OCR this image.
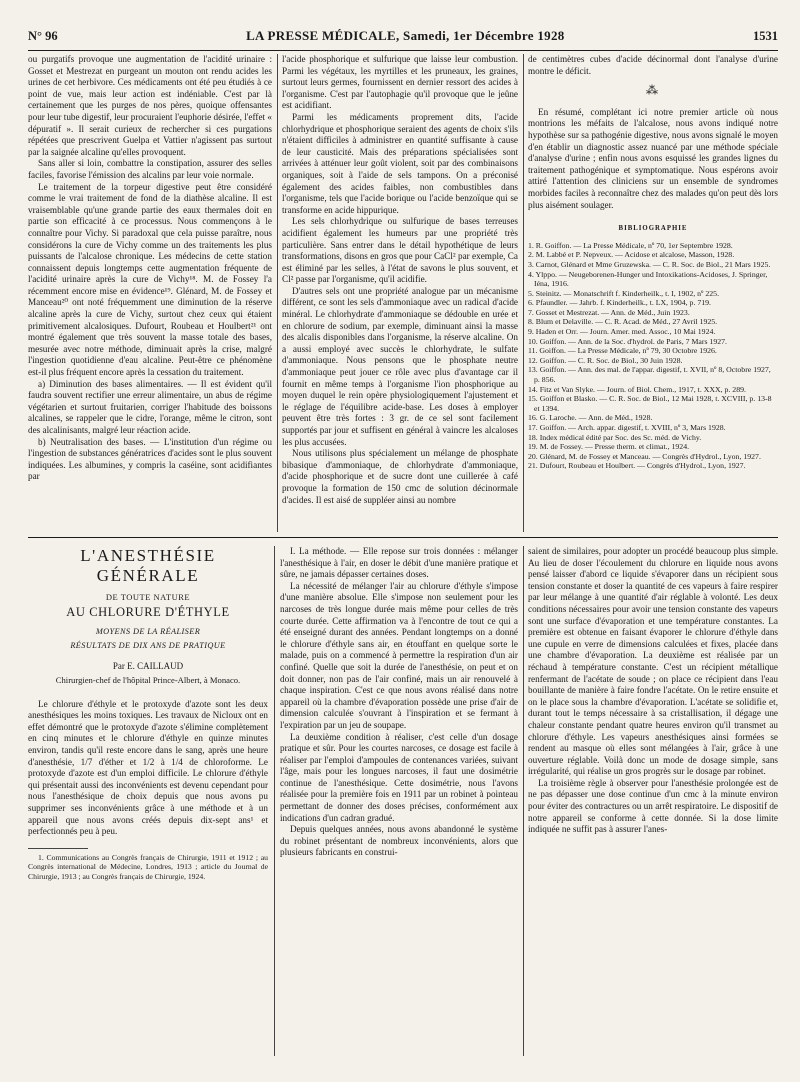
N° 96	LA PRESSE MÉDICALE, Samedi, 1er Décembre 1928	1531

ou purgatifs provoque une augmentation de l'acidité urinaire : Gosset et Mestrezat en purgeant un mouton ont rendu acides les urines de cet herbivore. Ces médicaments ont été peu étudiés à ce point de vue, mais leur action est indéniable. C'est par là certainement que les purges de nos pères, quoique offensantes pour leur tube digestif, leur procuraient l'euphorie désirée, l'effet « dépuratif ». Il serait curieux de rechercher si ces purgations répétées que prescrivent Guelpa et Vattier n'agissent pas surtout par la saignée alcaline qu'elles provoquent.

Sans aller si loin, combattre la constipation, assurer des selles faciles, favorise l'émission des alcalins par leur voie normale.

Le traitement de la torpeur digestive peut être considéré comme le vrai traitement de fond de la diathèse alcaline. Il est vraisemblable qu'une grande partie des eaux thermales doit en partie son efficacité à ce processus. Nous commençons à le connaître pour Vichy. Si paradoxal que cela puisse paraître, nous considérons la cure de Vichy comme un des traitements les plus puissants de l'alcalose chronique. Les médecins de cette station connaissent depuis longtemps cette augmentation fréquente de l'acidité urinaire après la cure de Vichy¹⁸. M. de Fossey l'a récemment encore mise en évidence¹⁹. Glénard, M. de Fossey et Manceau²⁰ ont noté fréquemment une diminution de la réserve alcaline après la cure de Vichy, surtout chez ceux qui étaient primitivement alcalosiques. Dufourt, Roubeau et Houlbert²¹ ont montré également que très souvent la masse totale des bases, mesurée avec notre méthode, diminuait après la crise, malgré l'ingestion quotidienne d'eau alcaline. Peut-être ce phénomène est-il plus fréquent encore après la cessation du traitement.

a) Diminution des bases alimentaires. — Il est évident qu'il faudra souvent rectifier une erreur alimentaire, un abus de régime végétarien et surtout fruitarien, corriger l'habitude des boissons alcalines, se rappeler que le cidre, l'orange, même le citron, sont des alcalinisants, malgré leur réaction acide.

b) Neutralisation des bases. — L'institution d'un régime ou l'ingestion de substances génératrices d'acides sont le plus souvent indiquées. Les albumines, y compris la caséine, sont acidifiantes par

l'acide phosphorique et sulfurique que laisse leur combustion. Parmi les végétaux, les myrtilles et les pruneaux, les graines, surtout leurs germes, fournissent en dernier ressort des acides à l'organisme. C'est par l'autophagie qu'il provoque que le jeûne est acidifiant.

Parmi les médicaments proprement dits, l'acide chlorhydrique et phosphorique seraient des agents de choix s'ils n'étaient difficiles à administrer en quantité suffisante à cause de leur causticité. Mais des préparations spécialisées sont arrivées à atténuer leur goût violent, soit par des combinaisons organiques, soit à l'aide de sels tampons. On a préconisé également des acides faibles, non combustibles dans l'organisme, tels que l'acide borique ou l'acide benzoïque qui se transforme en acide hippurique.

Les sels chlorhydrique ou sulfurique de bases terreuses acidifient également les humeurs par une propriété très particulière. Sans entrer dans le détail hypothétique de leurs transformations, disons en gros que pour CaCl² par exemple, Ca est éliminé par les selles, à l'état de savons le plus souvent, et Cl² passe par l'organisme, qu'il acidifie.

D'autres sels ont une propriété analogue par un mécanisme différent, ce sont les sels d'ammoniaque avec un radical d'acide minéral. Le chlorhydrate d'ammoniaque se dédouble en urée et en chlorure de sodium, par exemple, diminuant ainsi la masse des alcalis disponibles dans l'organisme, la réserve alcaline. On a aussi employé avec succès le chlorhydrate, le sulfate d'ammoniaque. Nous pensons que le phosphate neutre d'ammoniaque peut jouer ce rôle avec plus d'avantage car il fournit en même temps à l'organisme l'ion phosphorique au moyen duquel le rein opère physiologiquement l'ajustement et le réglage de l'équilibre acide-base. Les doses à employer peuvent être très fortes : 3 gr. de ce sel sont facilement supportés par jour et suffisent en général à vaincre les alcaloses les plus accusées.

Nous utilisons plus spécialement un mélange de phosphate bibasique d'ammoniaque, de chlorhydrate d'ammoniaque, d'acide phosphorique et de sucre dont une cuillerée à café provoque la formation de 150 cmc de solution décinormale d'acides. Il est aisé de suppléer ainsi au nombre

de centimètres cubes d'acide décinormal dont l'analyse d'urine montre le déficit.

⁂

En résumé, complétant ici notre premier article où nous montrions les méfaits de l'alcalose, nous avons indiqué notre hypothèse sur sa pathogénie digestive, nous avons signalé le moyen d'en établir un diagnostic assez nuancé par une méthode spéciale d'analyse d'urine ; enfin nous avons esquissé les grandes lignes du traitement pathogénique et symptomatique. Nous espérons avoir attiré l'attention des cliniciens sur un ensemble de syndromes morbides faciles à reconnaître chez des malades qu'on peut dès lors plus aisément soulager.

BIBLIOGRAPHIE

1. R. Goiffon. — La Presse Médicale, nº 70, 1er Septembre 1928.

2. M. Labbé et P. Nepveux. — Acidose et alcalose, Masson, 1928.

3. Carnot, Glénard et Mme Gruzewska. — C. R. Soc. de Biol., 21 Mars 1925.

4. Ylppo. — Neugeborenen-Hunger und Intoxikations-Acidoses, J. Springer, Iéna, 1916.

5. Steinitz. — Monatschrift f. Kinderheilk., t. I, 1902, nº 225.

6. Pfaundler. — Jahrb. f. Kinderheilk., t. LX, 1904, p. 719.

7. Gosset et Mestrezat. — Ann. de Méd., Juin 1923.

8. Blum et Delaville. — C. R. Acad. de Méd., 27 Avril 1925.

9. Haden et Orr. — Journ. Amer. med. Assoc., 10 Mai 1924.

10. Goiffon. — Ann. de la Soc. d'hydrol. de Paris, 7 Mars 1927.

11. Goiffon. — La Presse Médicale, nº 79, 30 Octobre 1926.

12. Goiffon. — C. R. Soc. de Biol., 30 Juin 1928.

13. Goiffon. — Ann. des mal. de l'appar. digestif, t. XVII, nº 8, Octobre 1927, p. 856.

14. Fitz et Van Slyke. — Journ. of Biol. Chem., 1917, t. XXX, p. 289.

15. Goiffon et Blasko. — C. R. Soc. de Biol., 12 Mai 1928, t. XCVIII, p. 13-8 et 1394.

16. G. Laroche. — Ann. de Méd., 1928.

17. Goiffon. — Arch. appar. digestif, t. XVIII, nº 3, Mars 1928.

18. Index médical édité par Soc. des Sc. méd. de Vichy.

19. M. de Fossey. — Presse therm. et climat., 1924.

20. Glénard, M. de Fossey et Manceau. — Congrès d'Hydrol., Lyon, 1927.

21. Dufourt, Roubeau et Houlbert. — Congrès d'Hydrol., Lyon, 1927.

L'ANESTHÉSIE GÉNÉRALE
DE TOUTE NATURE
AU CHLORURE D'ÉTHYLE
MOYENS DE LA RÉALISER
RÉSULTATS DE DIX ANS DE PRATIQUE
Par E. CAILLAUD
Chirurgien-chef de l'hôpital Prince-Albert, à Monaco.

Le chlorure d'éthyle et le protoxyde d'azote sont les deux anesthésiques les moins toxiques. Les travaux de Nicloux ont en effet démontré que le protoxyde d'azote s'élimine complètement en cinq minutes et le chlorure d'éthyle en quinze minutes environ, tandis qu'il reste encore dans le sang, après une heure d'anesthésie, 1/7 d'éther et 1/2 à 1/4 de chloroforme. Le protoxyde d'azote est d'un emploi difficile. Le chlorure d'éthyle qui présentait aussi des inconvénients est devenu cependant pour nous l'anesthésique de choix depuis que nous avons pu supprimer ses inconvénients grâce à une méthode et à un appareil que nous avons créés depuis dix-sept ans¹ et perfectionnés peu à peu.

1. Communications au Congrès français de Chirurgie, 1911 et 1912 ; au Congrès international de Médecine, Londres, 1913 ; article du Journal de Chirurgie, 1913 ; au Congrès français de Chirurgie, 1924.

I. La méthode. — Elle repose sur trois données : mélanger l'anesthésique à l'air, en doser le débit d'une manière pratique et sûre, ne jamais dépasser certaines doses.

La nécessité de mélanger l'air au chlorure d'éthyle s'impose d'une manière absolue. Elle s'impose non seulement pour les narcoses de très longue durée mais même pour celles de très courte durée. Cette affirmation va à l'encontre de tout ce qui a été enseigné durant des années. Pendant longtemps on a donné le chlorure d'éthyle sans air, en étouffant en quelque sorte le malade, puis on a commencé à permettre la respiration d'un air confiné. Quelle que soit la durée de l'anesthésie, on peut et on doit donner, non pas de l'air confiné, mais un air renouvelé à chaque inspiration. C'est ce que nous avons réalisé dans notre appareil où la chambre d'évaporation possède une prise d'air de dimension calculée s'ouvrant à l'inspiration et se fermant à l'expiration par un jeu de soupape.

La deuxième condition à réaliser, c'est celle d'un dosage pratique et sûr. Pour les courtes narcoses, ce dosage est facile à réaliser par l'emploi d'ampoules de contenances variées, suivant l'âge, mais pour les longues narcoses, il faut une dosimétrie continue de l'anesthésique. Cette dosimétrie, nous l'avons réalisée pour la première fois en 1911 par un robinet à pointeau permettant de donner des doses précises, conformément aux indications d'un cadran gradué.

Depuis quelques années, nous avons abandonné le système du robinet présentant de nombreux inconvénients, alors que plusieurs fabricants en construi-

saient de similaires, pour adopter un procédé beaucoup plus simple. Au lieu de doser l'écoulement du chlorure en liquide nous avons pensé laisser d'abord ce liquide s'évaporer dans un récipient sous tension constante et doser la quantité de ces vapeurs à faire respirer par leur mélange à une quantité d'air réglable à volonté. Les deux conditions nécessaires pour avoir une tension constante des vapeurs sont une surface d'évaporation et une température constantes. La première est obtenue en faisant évaporer le chlorure d'éthyle dans une cupule en verre de dimensions calculées et fixes, placée dans une chambre d'évaporation. La deuxième est réalisée par un réchaud à température constante. C'est un récipient métallique renfermant de l'acétate de soude ; on place ce récipient dans l'eau bouillante de manière à faire fondre l'acétate. On le retire ensuite et on le place sous la chambre d'évaporation. L'acétate se solidifie et, durant tout le temps nécessaire à sa cristallisation, il dégage une chaleur constante pendant quatre heures environ qu'il transmet au chlorure d'éthyle. Les vapeurs anesthésiques ainsi formées se rendent au masque où elles sont mélangées à l'air, grâce à une ouverture réglable. Voilà donc un mode de dosage simple, sans irrégularité, qui réalise un gros progrès sur le dosage par robinet.

La troisième règle à observer pour l'anesthésie prolongée est de ne pas dépasser une dose continue d'un cmc à la minute environ pour éviter des contractures ou un arrêt respiratoire. Le dispositif de notre appareil se conforme à cette donnée. Si la dose limite indiquée ne suffit pas à assurer l'anes-
